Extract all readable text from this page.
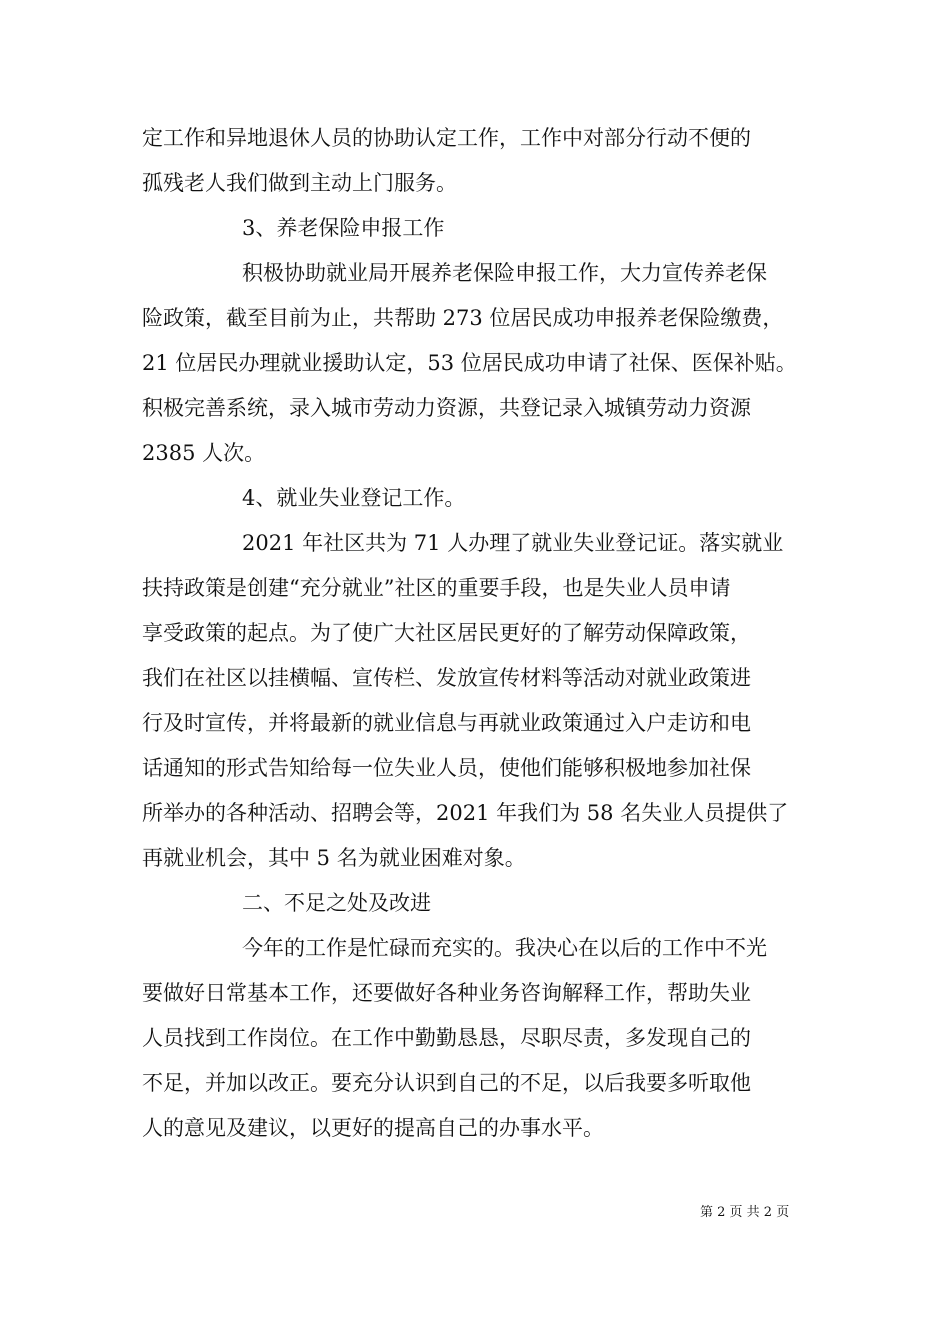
定工作和异地退休人员的协助认定工作，工作中对部分行动不便的
孤残老人我们做到主动上门服务。
3、养老保险申报工作
积极协助就业局开展养老保险申报工作，大力宣传养老保
险政策，截至目前为止，共帮助 273 位居民成功申报养老保险缴费，
21 位居民办理就业援助认定，53 位居民成功申请了社保、医保补贴。
积极完善系统，录入城市劳动力资源，共登记录入城镇劳动力资源
2385 人次。
4、就业失业登记工作。
2021 年社区共为 71 人办理了就业失业登记证。落实就业
扶持政策是创建“充分就业”社区的重要手段，也是失业人员申请
享受政策的起点。为了使广大社区居民更好的了解劳动保障政策，
我们在社区以挂横幅、宣传栏、发放宣传材料等活动对就业政策进
行及时宣传，并将最新的就业信息与再就业政策通过入户走访和电
话通知的形式告知给每一位失业人员，使他们能够积极地参加社保
所举办的各种活动、招聘会等，2021 年我们为 58 名失业人员提供了
再就业机会，其中 5 名为就业困难对象。
二、不足之处及改进
今年的工作是忙碌而充实的。我决心在以后的工作中不光
要做好日常基本工作，还要做好各种业务咨询解释工作，帮助失业
人员找到工作岗位。在工作中勤勤恳恳，尽职尽责，多发现自己的
不足，并加以改正。要充分认识到自己的不足，以后我要多听取他
人的意见及建议，以更好的提高自己的办事水平。
第 2 页 共 2 页
